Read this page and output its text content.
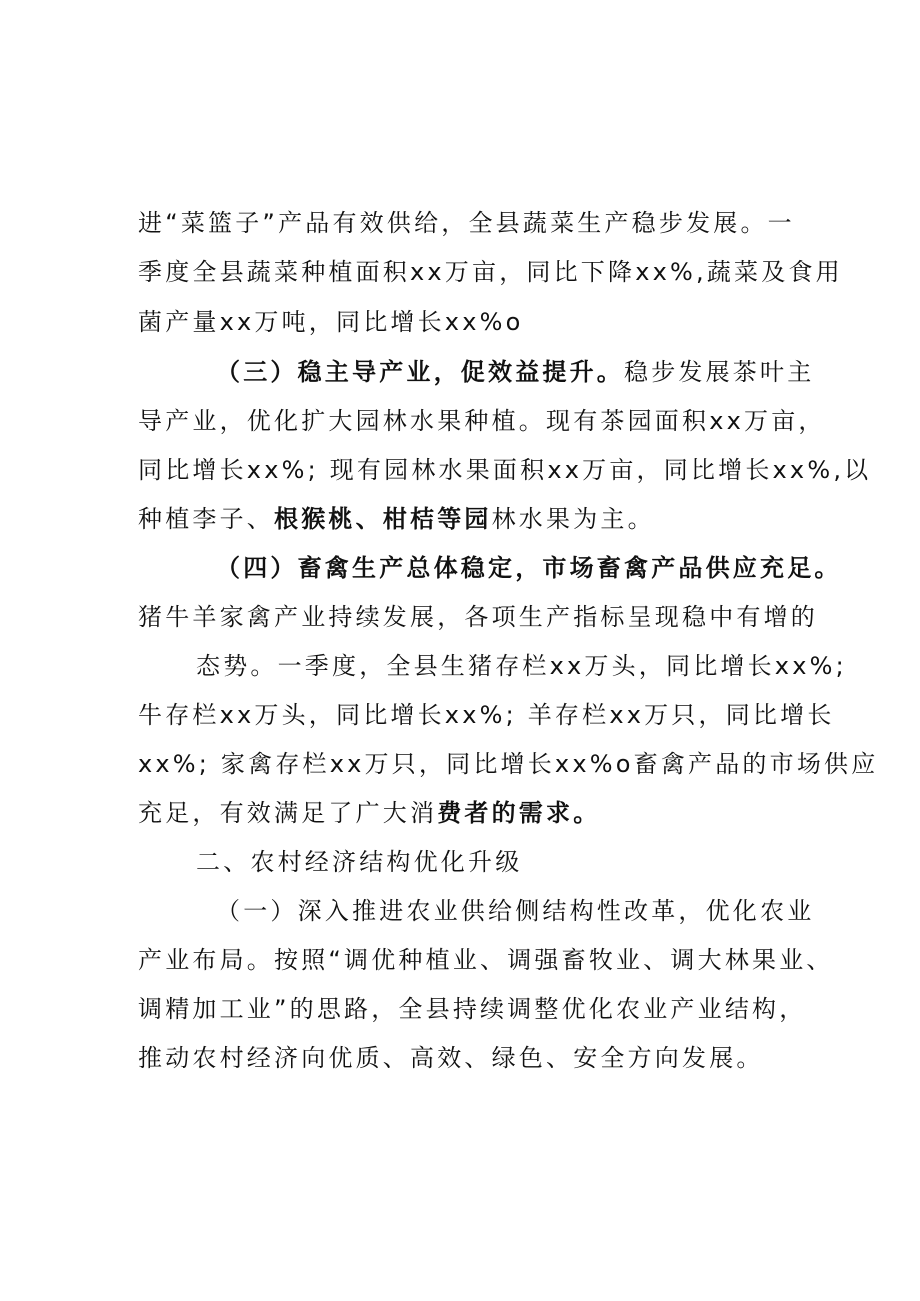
进“菜篮子”产品有效供给，全县蔬菜生产稳步发展。一
季度全县蔬菜种植面积xx万亩，同比下降xx%,蔬菜及食用
菌产量xx万吨，同比增长xx%o
（三）稳主导产业，促效益提升。稳步发展茶叶主
导产业，优化扩大园林水果种植。现有茶园面积xx万亩，
同比增长xx%; 现有园林水果面积xx万亩，同比增长xx%,以
种植李子、根猴桃、柑桔等园林水果为主。
（四）畜禽生产总体稳定，市场畜禽产品供应充足。
猪牛羊家禽产业持续发展，各项生产指标呈现稳中有增的
态势。一季度，全县生猪存栏xx万头，同比增长xx%;
牛存栏xx万头，同比增长xx%; 羊存栏xx万只，同比增长
xx%; 家禽存栏xx万只，同比增长xx%o畜禽产品的市场供应
充足，有效满足了广大消费者的需求。
二、农村经济结构优化升级
（一）深入推进农业供给侧结构性改革，优化农业
产业布局。按照“调优种植业、调强畜牧业、调大林果业、
调精加工业”的思路，全县持续调整优化农业产业结构，
推动农村经济向优质、高效、绿色、安全方向发展。
